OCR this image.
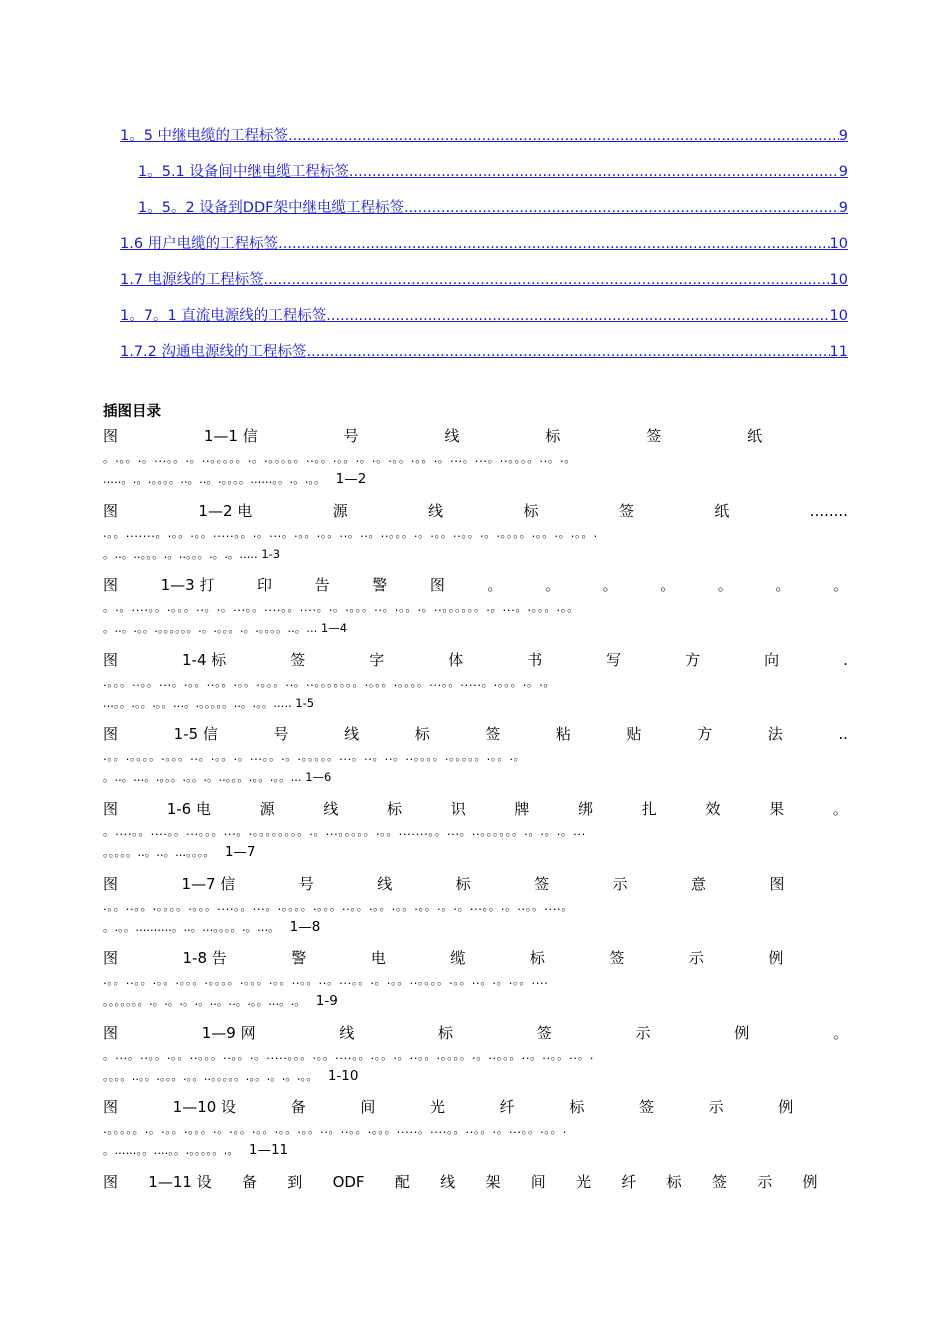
1。5 中继电缆的工程标签 .....	9
1。5.1 设备间中继电缆工程标签 .....	9
1。5。2 设备到DDF架中继电缆工程标签 .....	9
1.6 用户电缆的工程标签 .....	10
1.7 电源线的工程标签 .....	10
1。7。1 直流电源线的工程标签 .....	10
1.7.2 沟通电源线的工程标签 .....	11
插图目录
图	1—1 信	号	线	标	签	纸
。.。。.。...。。.。..。。。。。.。.。。。。。..。。.。。.。.。.。。.。。.。...。...。..。。。。..。.。
.....。.。.。。。。..。..。.。。。。......。。.。.。。 1—2
图	1—2 电	源	线	标	签	纸	........
.。。.......。.。。.。。.....。。.。...。.。。.。。..。..。..。。。.。.。。..。。.。.。。。。.。。.。.。。.
。..。..。。。.。..。。。.。.。..... 1-3
图	1—3 打	印	告	警	图	。	。	。	。	。	。	。
。.。....。。.。。。..。.。...。。....。。....。.。.。。。..。.。。.。..。。。。。。.。...。.。。。.。。
。..。.。。.。。。。。。.。.。。。.。.。。。。..。... 1—4
图	1-4 标	签	字	体	书	写	方	向	.
.。。。..。。...。.。。..。。.。。.。。。..。..。。。。。。。.。。。.。。。。...。。.....。.。。。.。.。
...。。.。。.。。...。.。。。。。..。.。。..... 1-5
图	1-5 信	号	线	标	签	粘	贴	方	法	..
.。。.。。。。.。。。..。.。。.。...。。.。.。。。。。...。..。..。..。。。。.。。。。。.。。.。
。..。...。.。。。.。。.。..。。。.。。.。。... 1—6
图	1-6 电	源	线	标	识	牌	绑	扎	效	果	。
。....。。....。。...。。。...。.。。。。。。。。.。...。。。。。.。。.......。。...。..。。。。。。.。.。.。...
。。。。。..。..。...。。。。 1—7
图	1—7 信	号	线	标	签	示	意	图
.。。..。。.。。。。.。。。....。。...。.。。。。.。。。..。。.。。.。。.。。.。.。...。。.。..。。....。
。.。。..........。..。...。。。。.。...。 1—8
图	1-8 告	警	电	缆	标	签	示	例
.。。..。。.。。.。。。.。。。。.。。。.。。..。。..。...。。.。.。。..。。。。.。。..。.。.。。....
。。。。。。。.。.。.。.。..。..。.。。...。.。 1-9
图	1—9 网	线	标	签	示	例	。
。...。..。。.。。..。。。..。。.。.....。。。.。。....。。.。。.。..。。.。。。。.。..。。。..。..。。..。.
。。。。..。。.。。。.。。..。。。。。.。。.。.。.。。 1-10
图	1—10 设	备	间	光	纤	标	签	示	例
.。。。。。.。.。。.。。。.。.。。.。。.。。.。。..。..。。.。。。.....。....。。..。。.。...。。.。。.
。......。。....。。.。。。。。.。 1—11
图 1—11 设 备 到 ODF 配 线 架 间 光 纤 标 签 示 例
